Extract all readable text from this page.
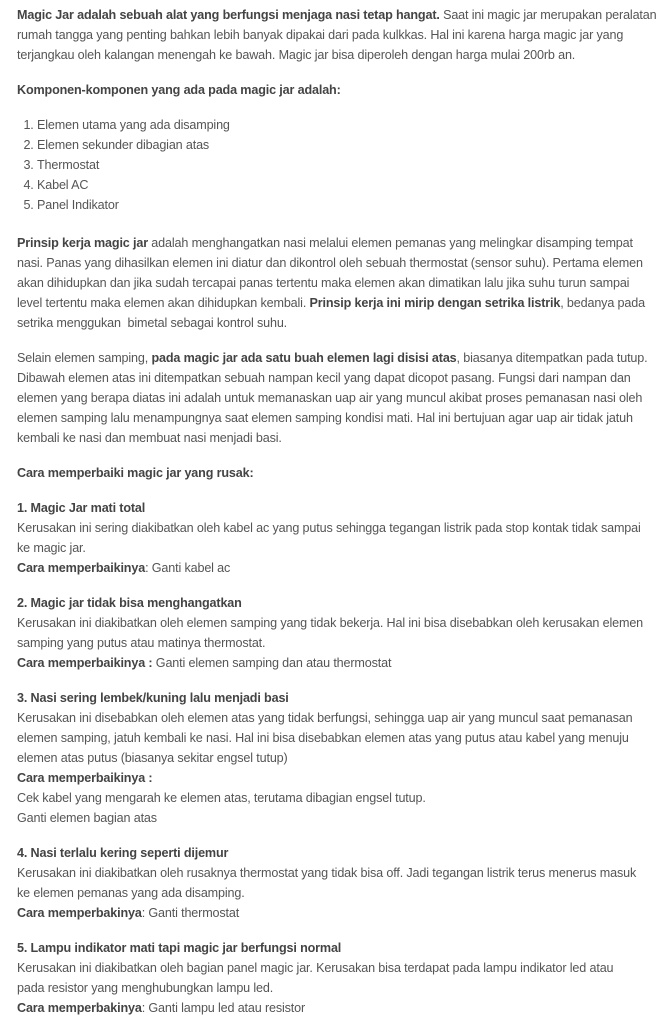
Magic Jar adalah sebuah alat yang berfungsi menjaga nasi tetap hangat. Saat ini magic jar merupakan peralatan
rumah tangga yang penting bahkan lebih banyak dipakai dari pada kulkkas. Hal ini karena harga magic jar yang
terjangkau oleh kalangan menengah ke bawah. Magic jar bisa diperoleh dengan harga mulai 200rb an.
Komponen-komponen yang ada pada magic jar adalah:
1. Elemen utama yang ada disamping
2. Elemen sekunder dibagian atas
3. Thermostat
4. Kabel AC
5. Panel Indikator
Prinsip kerja magic jar adalah menghangatkan nasi melalui elemen pemanas yang melingkar disamping tempat
nasi. Panas yang dihasilkan elemen ini diatur dan dikontrol oleh sebuah thermostat (sensor suhu). Pertama elemen
akan dihidupkan dan jika sudah tercapai panas tertentu maka elemen akan dimatikan lalu jika suhu turun sampai
level tertentu maka elemen akan dihidupkan kembali. Prinsip kerja ini mirip dengan setrika listrik, bedanya pada
setrika menggukan  bimetal sebagai kontrol suhu.
Selain elemen samping, pada magic jar ada satu buah elemen lagi disisi atas, biasanya ditempatkan pada tutup.
Dibawah elemen atas ini ditempatkan sebuah nampan kecil yang dapat dicopot pasang. Fungsi dari nampan dan
elemen yang berapa diatas ini adalah untuk memanaskan uap air yang muncul akibat proses pemanasan nasi oleh
elemen samping lalu menampungnya saat elemen samping kondisi mati. Hal ini bertujuan agar uap air tidak jatuh
kembali ke nasi dan membuat nasi menjadi basi.
Cara memperbaiki magic jar yang rusak:
1. Magic Jar mati total
Kerusakan ini sering diakibatkan oleh kabel ac yang putus sehingga tegangan listrik pada stop kontak tidak sampai
ke magic jar.
Cara memperbaikinya: Ganti kabel ac
2. Magic jar tidak bisa menghangatkan
Kerusakan ini diakibatkan oleh elemen samping yang tidak bekerja. Hal ini bisa disebabkan oleh kerusakan elemen
samping yang putus atau matinya thermostat.
Cara memperbaikinya : Ganti elemen samping dan atau thermostat
3. Nasi sering lembek/kuning lalu menjadi basi
Kerusakan ini disebabkan oleh elemen atas yang tidak berfungsi, sehingga uap air yang muncul saat pemanasan
elemen samping, jatuh kembali ke nasi. Hal ini bisa disebabkan elemen atas yang putus atau kabel yang menuju
elemen atas putus (biasanya sekitar engsel tutup)
Cara memperbaikinya :
Cek kabel yang mengarah ke elemen atas, terutama dibagian engsel tutup.
Ganti elemen bagian atas
4. Nasi terlalu kering seperti dijemur
Kerusakan ini diakibatkan oleh rusaknya thermostat yang tidak bisa off. Jadi tegangan listrik terus menerus masuk
ke elemen pemanas yang ada disamping.
Cara memperbakinya: Ganti thermostat
5. Lampu indikator mati tapi magic jar berfungsi normal
Kerusakan ini diakibatkan oleh bagian panel magic jar. Kerusakan bisa terdapat pada lampu indikator led atau
pada resistor yang menghubungkan lampu led.
Cara memperbakinya: Ganti lampu led atau resistor
